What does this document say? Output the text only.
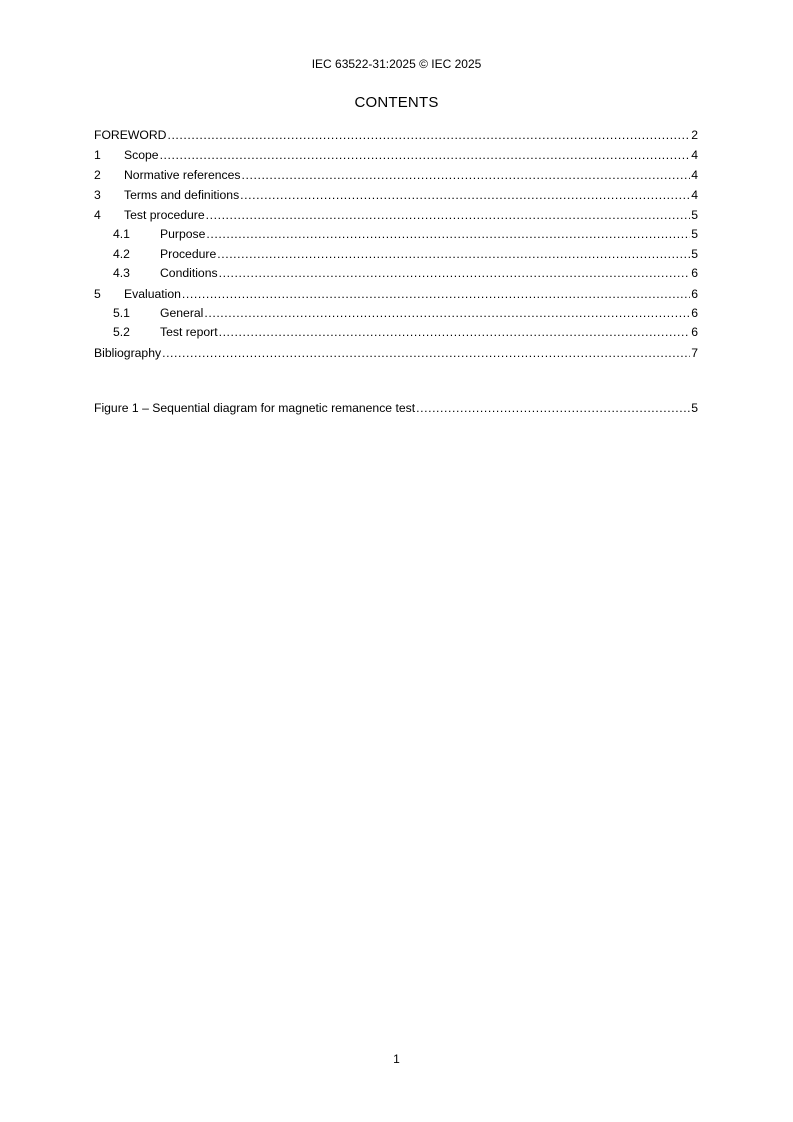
IEC 63522-31:2025 © IEC 2025
CONTENTS
FOREWORD .....	2
1	Scope .....	4
2	Normative references .....	4
3	Terms and definitions .....	4
4	Test procedure .....	5
4.1	Purpose .....	5
4.2	Procedure .....	5
4.3	Conditions .....	6
5	Evaluation .....	6
5.1	General .....	6
5.2	Test report .....	6
Bibliography .....	7
Figure 1 – Sequential diagram for magnetic remanence test .....	5
1
